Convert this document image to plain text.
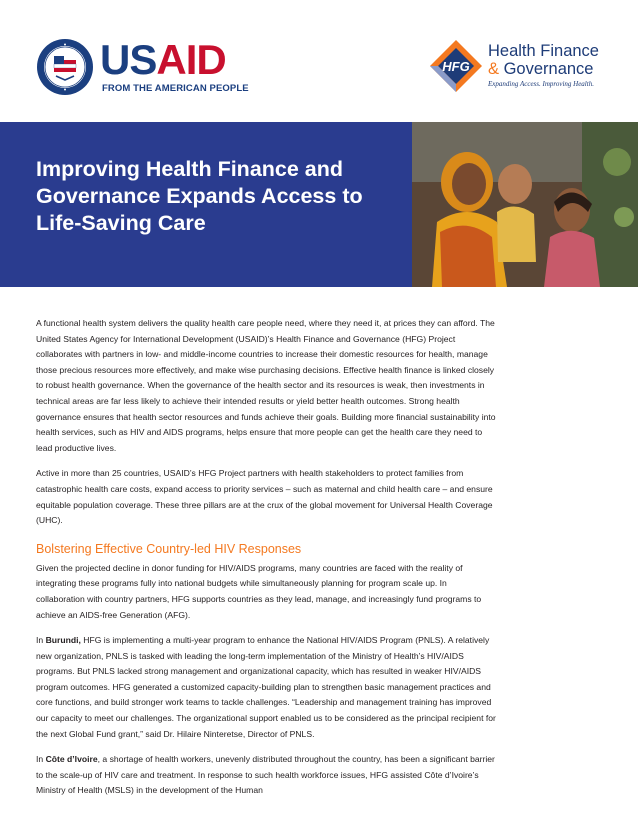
USAID
FROM THE AMERICAN PEOPLE
HFG
Health Finance
& Governance
Expanding Access. Improving Health.
Improving Health Finance and Governance Expands Access to Life-Saving Care

A functional health system delivers the quality health care people need, where they need it, at prices they can afford. The United States Agency for International Development (USAID)’s Health Finance and Governance (HFG) Project collaborates with partners in low- and middle-income countries to increase their domestic resources for health, manage those precious resources more effectively, and make wise purchasing decisions. Effective health finance is linked closely to robust health governance. When the governance of the health sector and its resources is weak, then investments in technical areas are far less likely to achieve their intended results or yield better health outcomes. Strong health governance ensures that health sector resources and funds achieve their goals. Building more financial sustainability into health services, such as HIV and AIDS programs, helps ensure that more people can get the health care they need to lead productive lives.

Active in more than 25 countries, USAID’s HFG Project partners with health stakeholders to protect families from catastrophic health care costs, expand access to priority services – such as maternal and child health care – and ensure equitable population coverage. These three pillars are at the crux of the global movement for Universal Health Coverage (UHC).

Bolstering Effective Country-led HIV Responses

Given the projected decline in donor funding for HIV/AIDS programs, many countries are faced with the reality of integrating these programs fully into national budgets while simultaneously planning for program scale up. In collaboration with country partners, HFG supports countries as they lead, manage, and increasingly fund programs to achieve an AIDS-free Generation (AFG).

In Burundi, HFG is implementing a multi-year program to enhance the National HIV/AIDS Program (PNLS). A relatively new organization, PNLS is tasked with leading the long-term implementation of the Ministry of Health’s HIV/AIDS programs. But PNLS lacked strong management and organizational capacity, which has resulted in weaker HIV/AIDS program outcomes. HFG generated a customized capacity-building plan to strengthen basic management practices and core functions, and build stronger work teams to tackle challenges. “Leadership and management training has improved our capacity to meet our challenges. The organizational support enabled us to be considered as the principal recipient for the next Global Fund grant,” said Dr. Hilaire Ninteretse, Director of PNLS.

In Côte d’Ivoire, a shortage of health workers, unevenly distributed throughout the country, has been a significant barrier to the scale-up of HIV care and treatment. In response to such health workforce issues, HFG assisted Côte d’Ivoire’s Ministry of Health (MSLS) in the development of the Human
